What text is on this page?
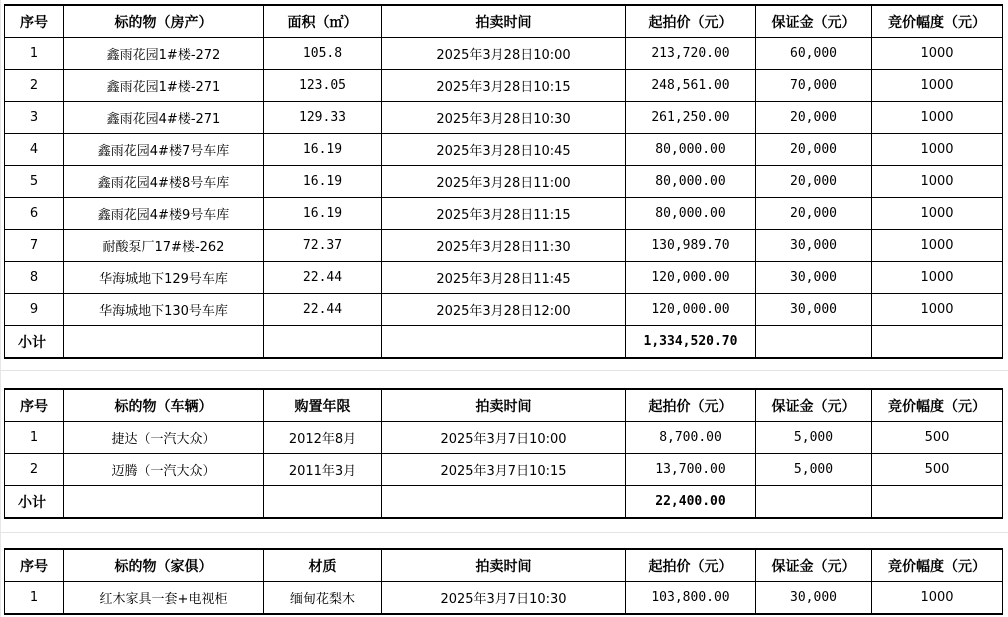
序号	标的物（房产）	面积（㎡）	拍卖时间	起拍价（元）	保证金（元）	竞价幅度（元）
1	鑫雨花园1#楼-272	105.8	2025年3月28日10:00	213,720.00	60,000	1000
2	鑫雨花园1#楼-271	123.05	2025年3月28日10:15	248,561.00	70,000	1000
3	鑫雨花园4#楼-271	129.33	2025年3月28日10:30	261,250.00	20,000	1000
4	鑫雨花园4#楼7号车库	16.19	2025年3月28日10:45	80,000.00	20,000	1000
5	鑫雨花园4#楼8号车库	16.19	2025年3月28日11:00	80,000.00	20,000	1000
6	鑫雨花园4#楼9号车库	16.19	2025年3月28日11:15	80,000.00	20,000	1000
7	耐酸泵厂17#楼-262	72.37	2025年3月28日11:30	130,989.70	30,000	1000
8	华海城地下129号车库	22.44	2025年3月28日11:45	120,000.00	30,000	1000
9	华海城地下130号车库	22.44	2025年3月28日12:00	120,000.00	30,000	1000
小计				1,334,520.70		
序号	标的物（车辆）	购置年限	拍卖时间	起拍价（元）	保证金（元）	竞价幅度（元）
1	捷达（一汽大众）	2012年8月	2025年3月7日10:00	8,700.00	5,000	500
2	迈腾（一汽大众）	2011年3月	2025年3月7日10:15	13,700.00	5,000	500
小计				22,400.00		
序号	标的物（家俱）	材质	拍卖时间	起拍价（元）	保证金（元）	竞价幅度（元）
1	红木家具一套+电视柜	缅甸花梨木	2025年3月7日10:30	103,800.00	30,000	1000
